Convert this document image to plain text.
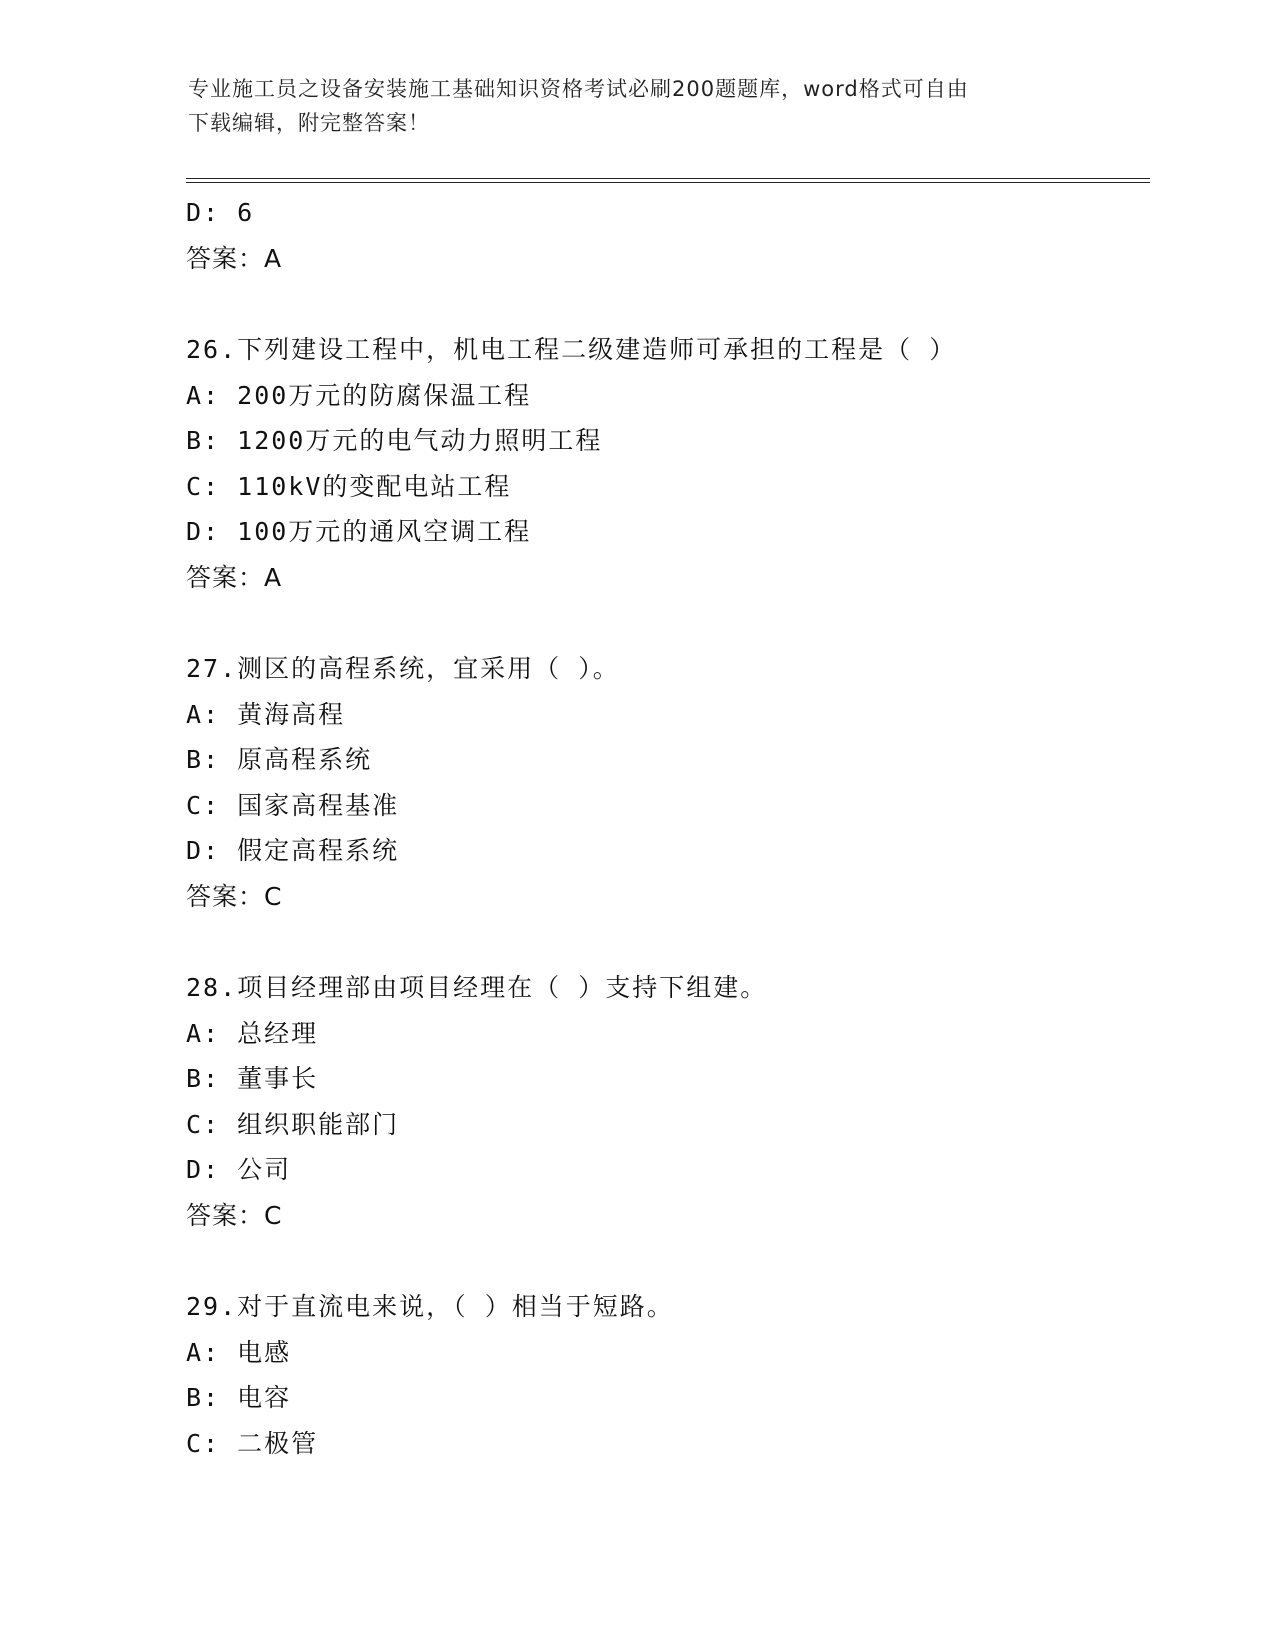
专业施工员之设备安装施工基础知识资格考试必刷200题题库，word格式可自由
下载编辑，附完整答案！
D: 6
答案：A
26.下列建设工程中，机电工程二级建造师可承担的工程是（ ）
A: 200万元的防腐保温工程
B: 1200万元的电气动力照明工程
C: 110kV的变配电站工程
D: 100万元的通风空调工程
答案：A
27.测区的高程系统，宜采用（ ）。
A: 黄海高程
B: 原高程系统
C: 国家高程基准
D: 假定高程系统
答案：C
28.项目经理部由项目经理在（ ）支持下组建。
A: 总经理
B: 董事长
C: 组织职能部门
D: 公司
答案：C
29.对于直流电来说，（ ）相当于短路。
A: 电感
B: 电容
C: 二极管
